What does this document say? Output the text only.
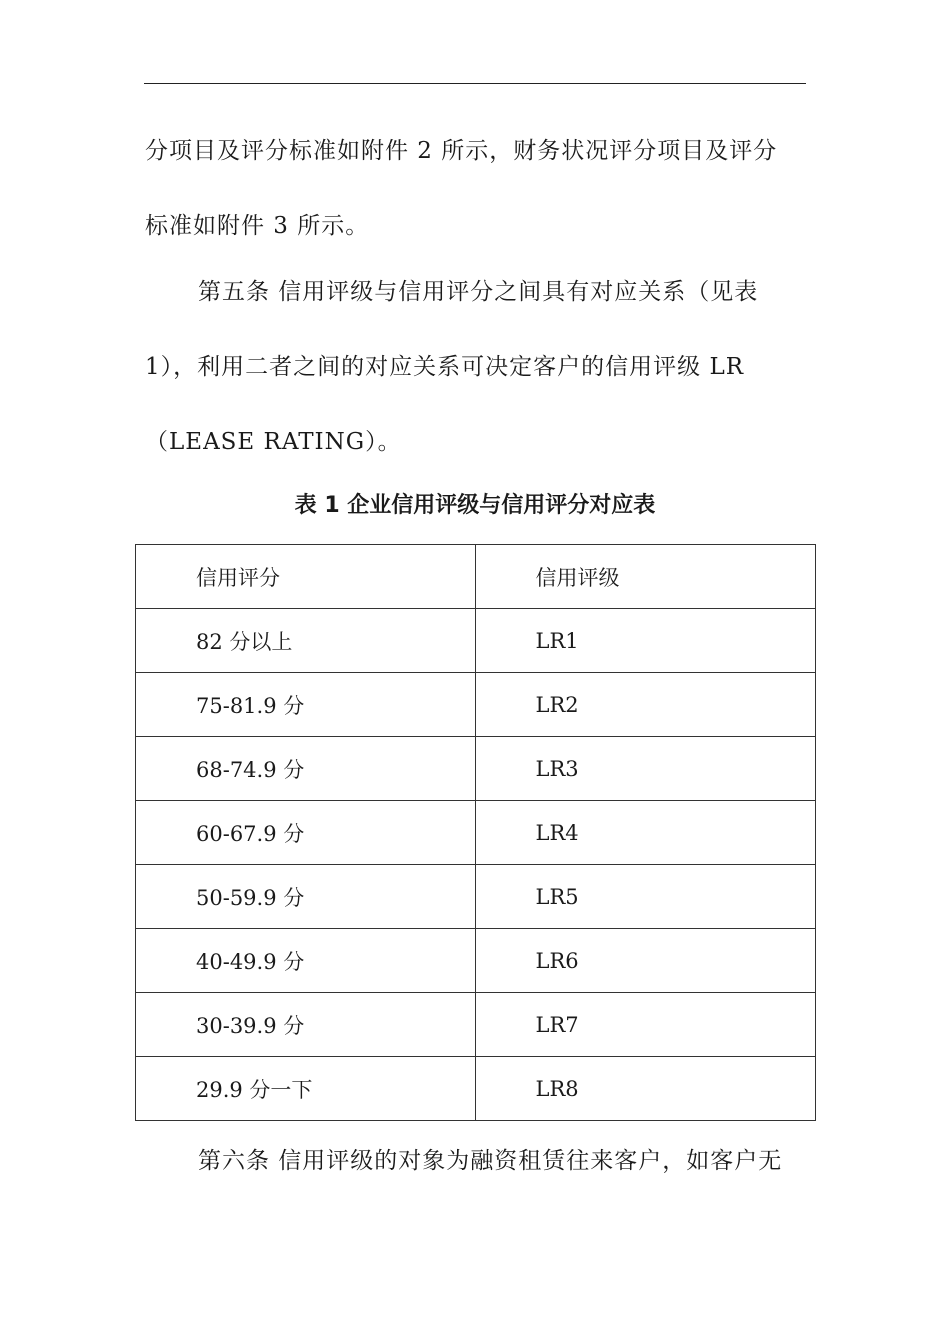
分项目及评分标准如附件 2 所示，财务状况评分项目及评分
标准如附件 3 所示。
第五条 信用评级与信用评分之间具有对应关系（见表
1），利用二者之间的对应关系可决定客户的信用评级 LR
（LEASE RATING）。
表 1 企业信用评级与信用评分对应表
信用评分	信用评级
82 分以上	LR1
75-81.9 分	LR2
68-74.9 分	LR3
60-67.9 分	LR4
50-59.9 分	LR5
40-49.9 分	LR6
30-39.9 分	LR7
29.9 分一下	LR8
第六条 信用评级的对象为融资租赁往来客户，如客户无
